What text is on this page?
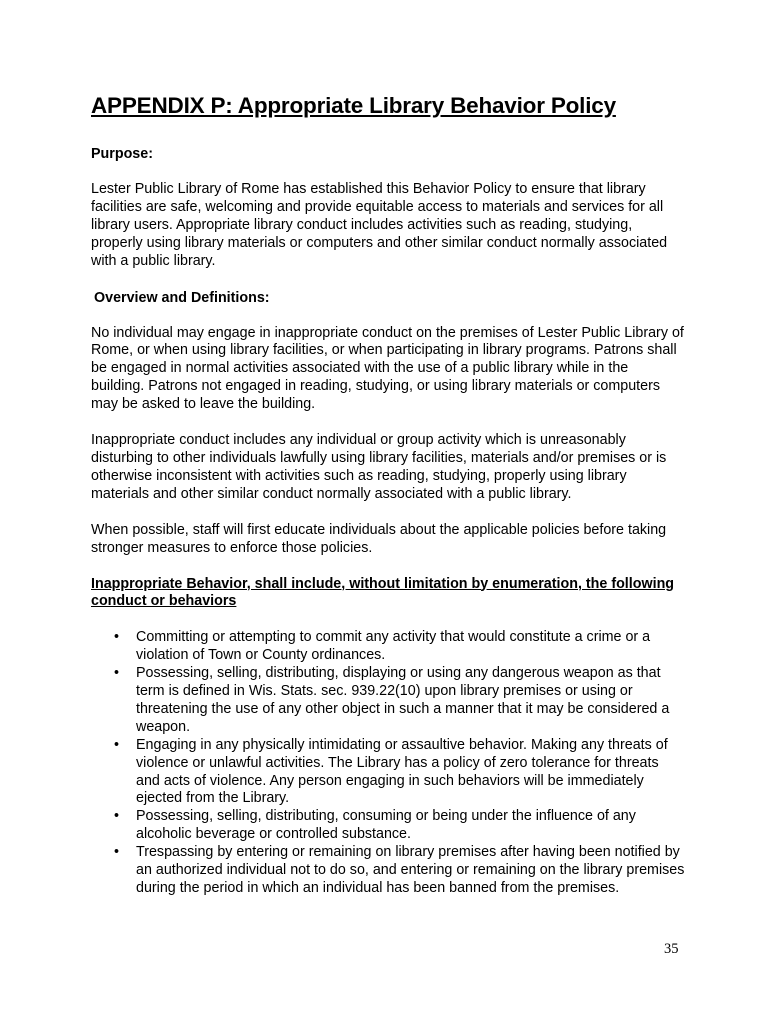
APPENDIX P: Appropriate Library Behavior Policy

Purpose:

Lester Public Library of Rome has established this Behavior Policy to ensure that library facilities are safe, welcoming and provide equitable access to materials and services for all library users. Appropriate library conduct includes activities such as reading, studying, properly using library materials or computers and other similar conduct normally associated with a public library.

Overview and Definitions:

No individual may engage in inappropriate conduct on the premises of Lester Public Library of Rome, or when using library facilities, or when participating in library programs. Patrons shall be engaged in normal activities associated with the use of a public library while in the building. Patrons not engaged in reading, studying, or using library materials or computers may be asked to leave the building.

Inappropriate conduct includes any individual or group activity which is unreasonably disturbing to other individuals lawfully using library facilities, materials and/or premises or is otherwise inconsistent with activities such as reading, studying, properly using library materials and other similar conduct normally associated with a public library.

When possible, staff will first educate individuals about the applicable policies before taking stronger measures to enforce those policies.

Inappropriate Behavior, shall include, without limitation by enumeration, the following conduct or behaviors

• Committing or attempting to commit any activity that would constitute a crime or a violation of Town or County ordinances.
• Possessing, selling, distributing, displaying or using any dangerous weapon as that term is defined in Wis. Stats. sec. 939.22(10) upon library premises or using or threatening the use of any other object in such a manner that it may be considered a weapon.
• Engaging in any physically intimidating or assaultive behavior. Making any threats of violence or unlawful activities. The Library has a policy of zero tolerance for threats and acts of violence. Any person engaging in such behaviors will be immediately ejected from the Library.
• Possessing, selling, distributing, consuming or being under the influence of any alcoholic beverage or controlled substance.
• Trespassing by entering or remaining on library premises after having been notified by an authorized individual not to do so, and entering or remaining on the library premises during the period in which an individual has been banned from the premises.
35
